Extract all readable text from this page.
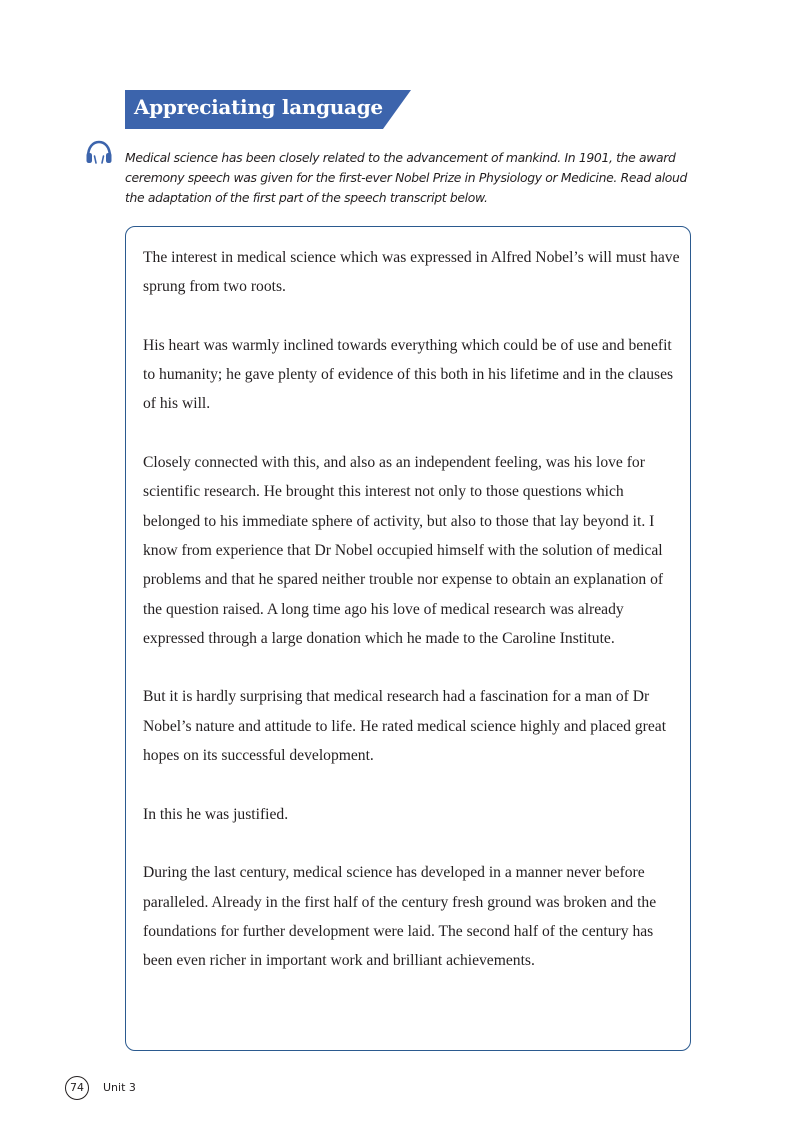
Appreciating language
Medical science has been closely related to the advancement of mankind. In 1901, the award ceremony speech was given for the first-ever Nobel Prize in Physiology or Medicine. Read aloud the adaptation of the first part of the speech transcript below.

The interest in medical science which was expressed in Alfred Nobel’s will must have sprung from two roots.

His heart was warmly inclined towards everything which could be of use and benefit to humanity; he gave plenty of evidence of this both in his lifetime and in the clauses of his will.

Closely connected with this, and also as an independent feeling, was his love for scientific research. He brought this interest not only to those questions which belonged to his immediate sphere of activity, but also to those that lay beyond it. I know from experience that Dr Nobel occupied himself with the solution of medical problems and that he spared neither trouble nor expense to obtain an explanation of the question raised. A long time ago his love of medical research was already expressed through a large donation which he made to the Caroline Institute.

But it is hardly surprising that medical research had a fascination for a man of Dr Nobel’s nature and attitude to life. He rated medical science highly and placed great hopes on its successful development.

In this he was justified.

During the last century, medical science has developed in a manner never before paralleled. Already in the first half of the century fresh ground was broken and the foundations for further development were laid. The second half of the century has been even richer in important work and brilliant achievements.

74	Unit 3
